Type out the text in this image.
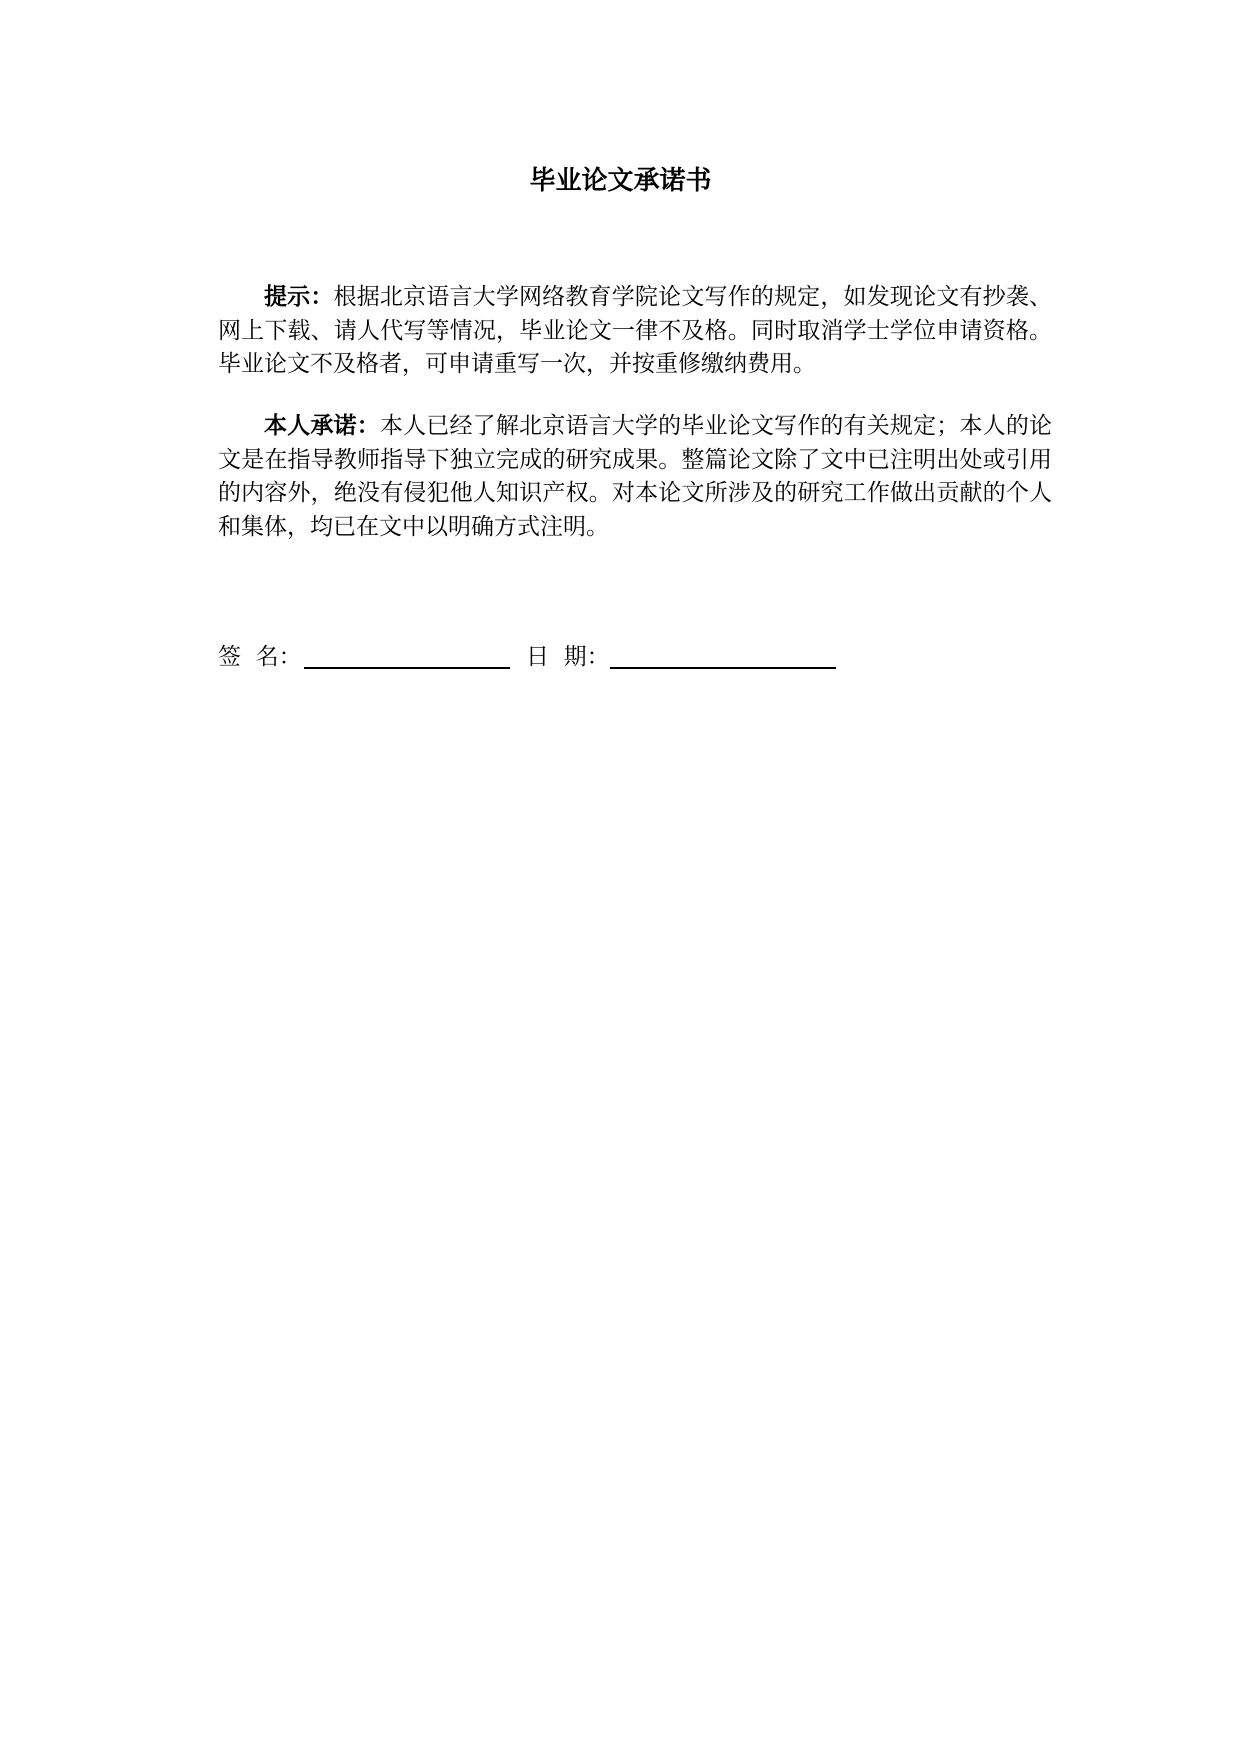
毕业论文承诺书

提示：根据北京语言大学网络教育学院论文写作的规定，如发现论文有抄袭、网上下载、请人代写等情况，毕业论文一律不及格。同时取消学士学位申请资格。毕业论文不及格者，可申请重写一次，并按重修缴纳费用。

本人承诺：本人已经了解北京语言大学的毕业论文写作的有关规定；本人的论文是在指导教师指导下独立完成的研究成果。整篇论文除了文中已注明出处或引用的内容外，绝没有侵犯他人知识产权。对本论文所涉及的研究工作做出贡献的个人和集体，均已在文中以明确方式注明。

签  名：	日  期：
